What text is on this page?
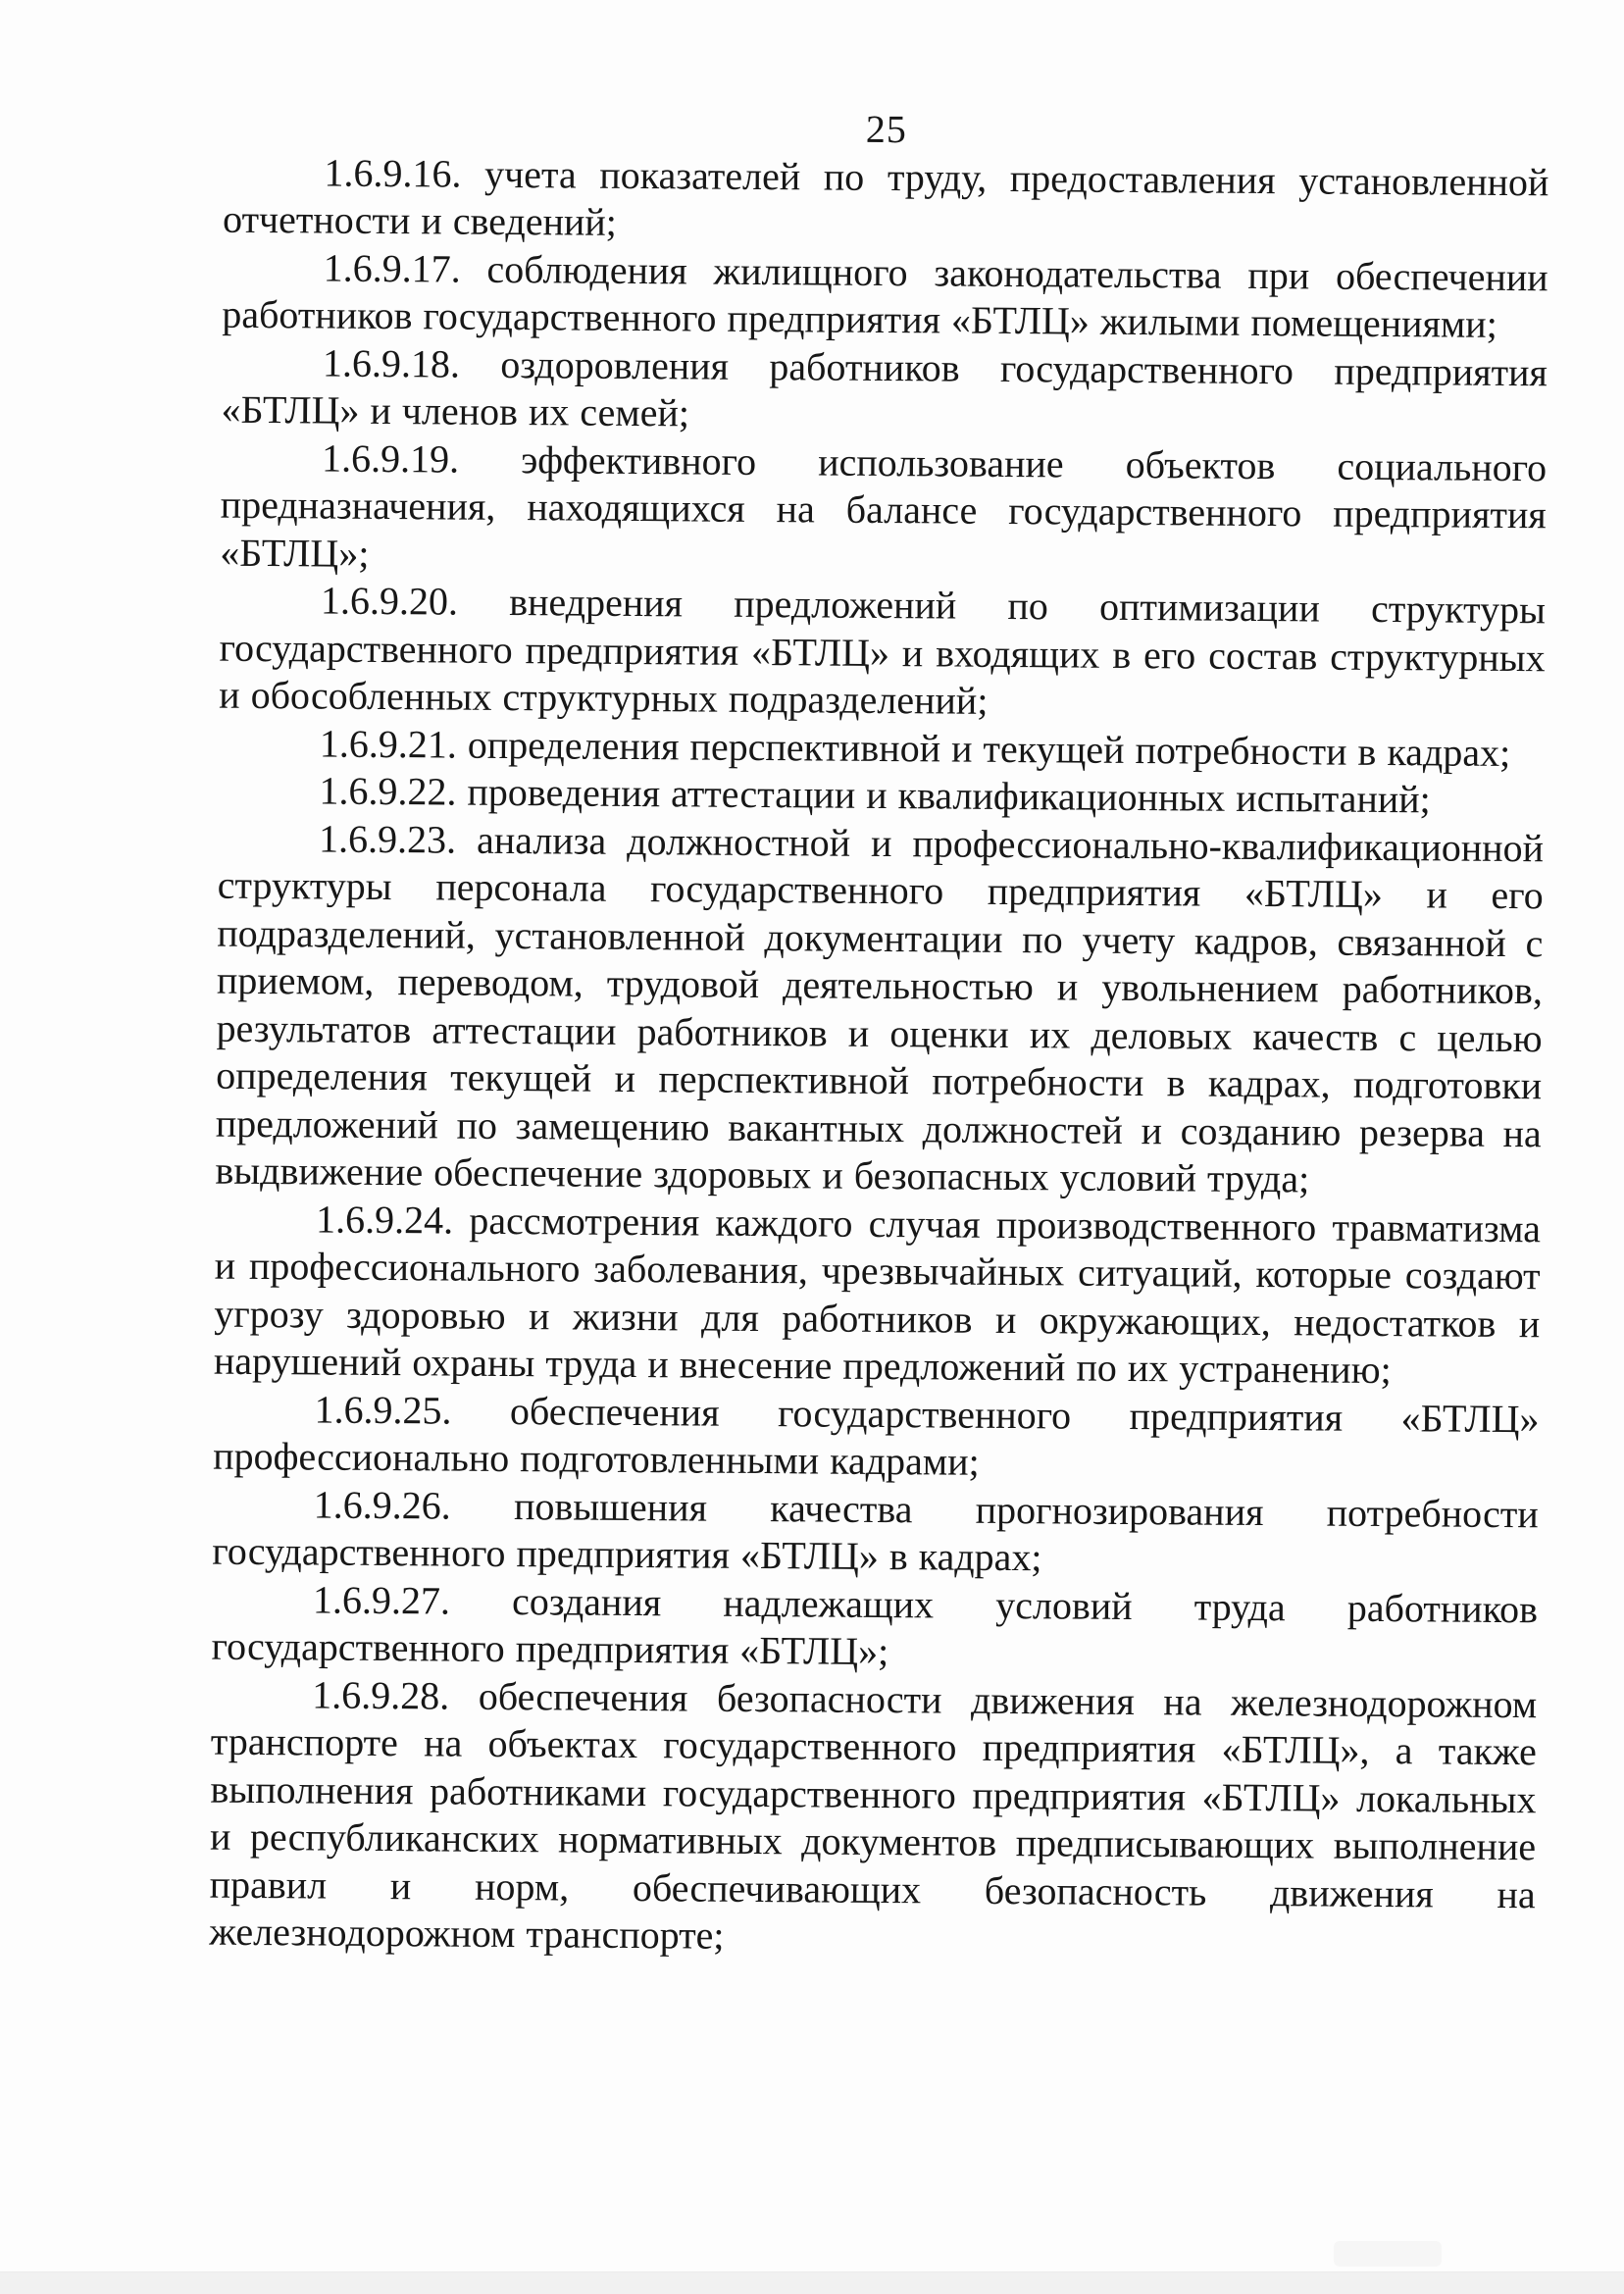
25

1.6.9.16. учета показателей по труду, предоставления установленной отчетности и сведений;

1.6.9.17. соблюдения жилищного законодательства при обеспечении работников государственного предприятия «БТЛЦ» жилыми помещениями;

1.6.9.18. оздоровления работников государственного предприятия «БТЛЦ» и членов их семей;

1.6.9.19. эффективного использование объектов социального предназначения, находящихся на балансе государственного предприятия «БТЛЦ»;

1.6.9.20. внедрения предложений по оптимизации структуры государственного предприятия «БТЛЦ» и входящих в его состав структурных и обособленных структурных подразделений;

1.6.9.21. определения перспективной и текущей потребности в кадрах;

1.6.9.22. проведения аттестации и квалификационных испытаний;

1.6.9.23. анализа должностной и профессионально-квалификационной структуры персонала государственного предприятия «БТЛЦ» и его подразделений, установленной документации по учету кадров, связанной с приемом, переводом, трудовой деятельностью и увольнением работников, результатов аттестации работников и оценки их деловых качеств с целью определения текущей и перспективной потребности в кадрах, подготовки предложений по замещению вакантных должностей и созданию резерва на выдвижение обеспечение здоровых и безопасных условий труда;

1.6.9.24. рассмотрения каждого случая производственного травматизма и профессионального заболевания, чрезвычайных ситуаций, которые создают угрозу здоровью и жизни для работников и окружающих, недостатков и нарушений охраны труда и внесение предложений по их устранению;

1.6.9.25. обеспечения государственного предприятия «БТЛЦ» профессионально подготовленными кадрами;

1.6.9.26. повышения качества прогнозирования потребности государственного предприятия «БТЛЦ» в кадрах;

1.6.9.27. создания надлежащих условий труда работников государственного предприятия «БТЛЦ»;

1.6.9.28. обеспечения безопасности движения на железнодорожном транспорте на объектах государственного предприятия «БТЛЦ», а также выполнения работниками государственного предприятия «БТЛЦ» локальных и республиканских нормативных документов предписывающих выполнение правил и норм, обеспечивающих безопасность движения на железнодорожном транспорте;
